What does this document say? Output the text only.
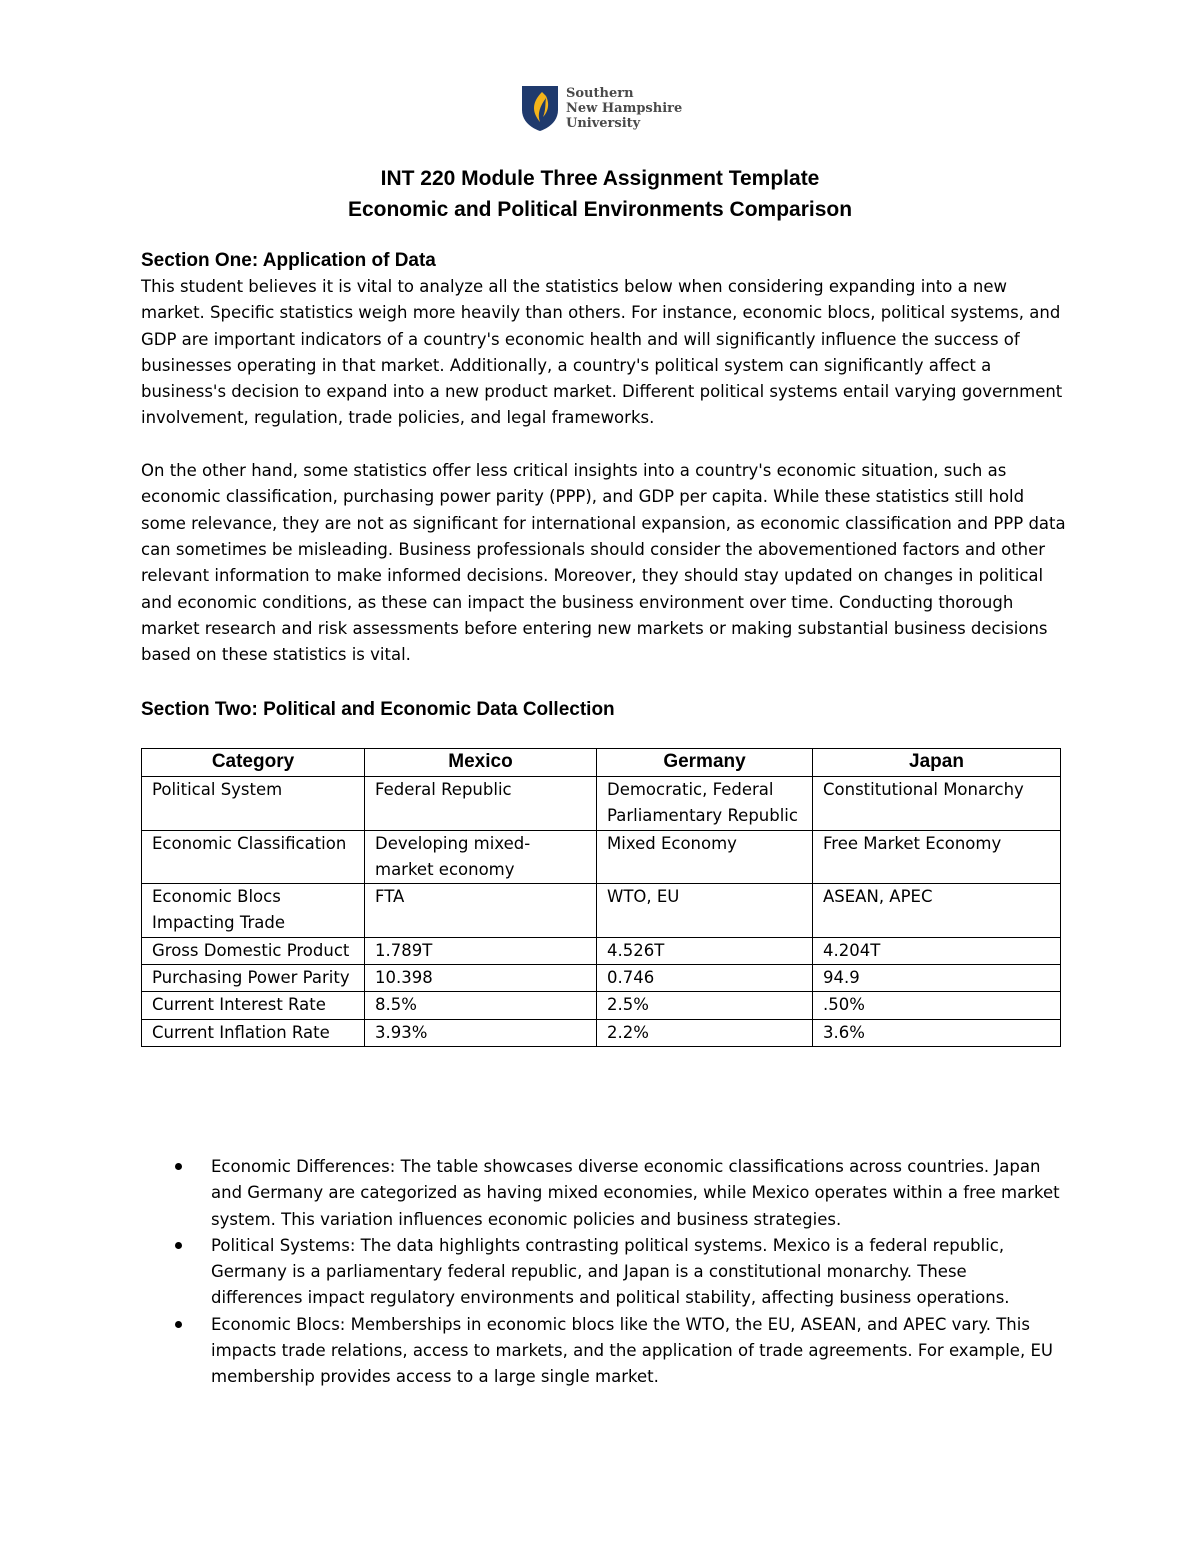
Southern
New Hampshire
University
INT 220 Module Three Assignment Template
Economic and Political Environments Comparison
Section One: Application of Data

This student believes it is vital to analyze all the statistics below when considering expanding into a new market. Specific statistics weigh more heavily than others. For instance, economic blocs, political systems, and GDP are important indicators of a country's economic health and will significantly influence the success of businesses operating in that market. Additionally, a country's political system can significantly affect a business's decision to expand into a new product market. Different political systems entail varying government involvement, regulation, trade policies, and legal frameworks.

On the other hand, some statistics offer less critical insights into a country's economic situation, such as economic classification, purchasing power parity (PPP), and GDP per capita. While these statistics still hold some relevance, they are not as significant for international expansion, as economic classification and PPP data can sometimes be misleading. Business professionals should consider the abovementioned factors and other relevant information to make informed decisions. Moreover, they should stay updated on changes in political and economic conditions, as these can impact the business environment over time. Conducting thorough market research and risk assessments before entering new markets or making substantial business decisions based on these statistics is vital.

Section Two: Political and Economic Data Collection
Category	Mexico	Germany	Japan
Political System	Federal Republic	Democratic, Federal Parliamentary Republic	Constitutional Monarchy
Economic Classification	Developing mixed-market economy	Mixed Economy	Free Market Economy
Economic Blocs Impacting Trade	FTA	WTO, EU	ASEAN, APEC
Gross Domestic Product	1.789T	4.526T	4.204T
Purchasing Power Parity	10.398	0.746	94.9
Current Interest Rate	8.5%	2.5%	.50%
Current Inflation Rate	3.93%	2.2%	3.6%
Economic Differences: The table showcases diverse economic classifications across countries. Japan and Germany are categorized as having mixed economies, while Mexico operates within a free market system. This variation influences economic policies and business strategies.
Political Systems: The data highlights contrasting political systems. Mexico is a federal republic, Germany is a parliamentary federal republic, and Japan is a constitutional monarchy. These differences impact regulatory environments and political stability, affecting business operations.
Economic Blocs: Memberships in economic blocs like the WTO, the EU, ASEAN, and APEC vary. This impacts trade relations, access to markets, and the application of trade agreements. For example, EU membership provides access to a large single market.
